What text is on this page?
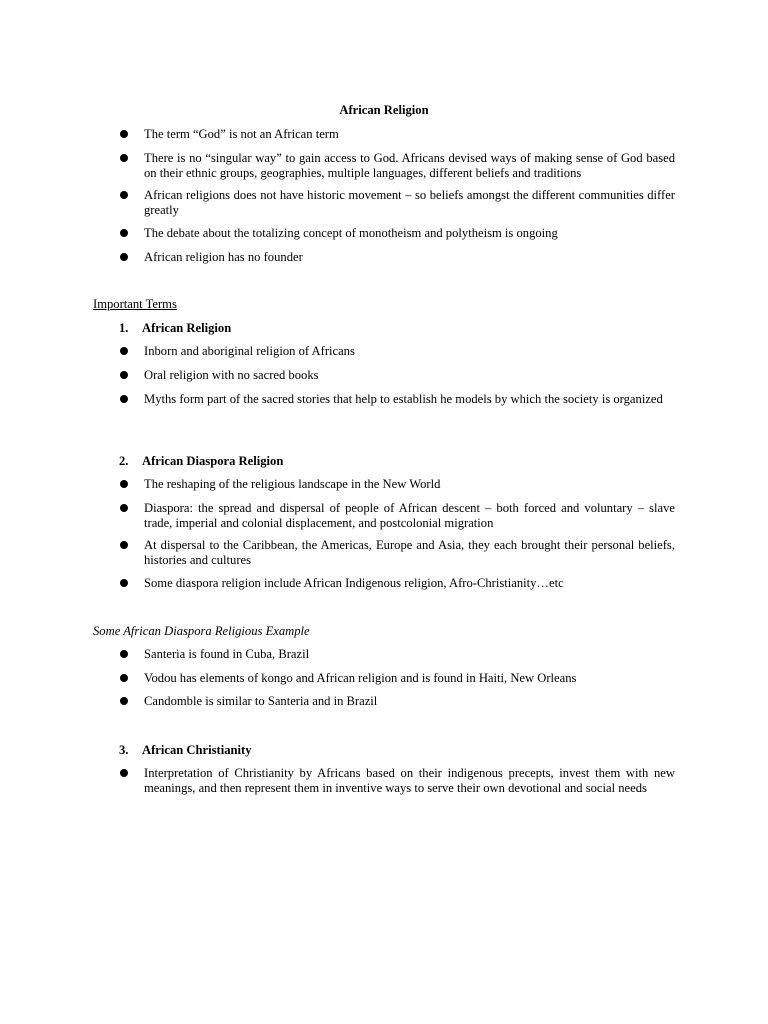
African Religion
The term “God” is not an African term
There is no “singular way” to gain access to God. Africans devised ways of making sense of God based on their ethnic groups, geographies, multiple languages, different beliefs and traditions
African religions does not have historic movement – so beliefs amongst the different communities differ greatly
The debate about the totalizing concept of monotheism and polytheism is ongoing
African religion has no founder
Important Terms
1. African Religion
Inborn and aboriginal religion of Africans
Oral religion with no sacred books
Myths form part of the sacred stories that help to establish he models by which the society is organized
2. African Diaspora Religion
The reshaping of the religious landscape in the New World
Diaspora: the spread and dispersal of people of African descent – both forced and voluntary – slave trade, imperial and colonial displacement, and postcolonial migration
At dispersal to the Caribbean, the Americas, Europe and Asia, they each brought their personal beliefs, histories and cultures
Some diaspora religion include African Indigenous religion, Afro-Christianity…etc
Some African Diaspora Religious Example
Santeria is found in Cuba, Brazil
Vodou has elements of kongo and African religion and is found in Haiti, New Orleans
Candomble is similar to Santeria and in Brazil
3. African Christianity
Interpretation of Christianity by Africans based on their indigenous precepts, invest them with new meanings, and then represent them in inventive ways to serve their own devotional and social needs
